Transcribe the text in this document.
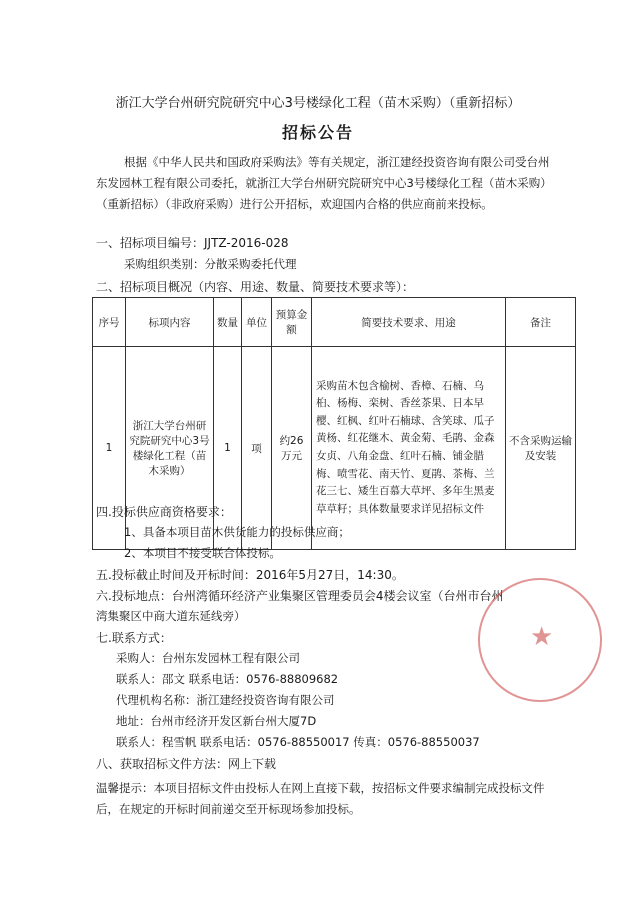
浙江大学台州研究院研究中心3号楼绿化工程（苗木采购）（重新招标）
招标公告
根据《中华人民共和国政府采购法》等有关规定，浙江建经投资咨询有限公司受台州东发园林工程有限公司委托，就浙江大学台州研究院研究中心3号楼绿化工程（苗木采购）（重新招标）（非政府采购）进行公开招标，欢迎国内合格的供应商前来投标。
一、招标项目编号：JJTZ-2016-028
采购组织类别：分散采购委托代理
二、招标项目概况（内容、用途、数量、简要技术要求等）：
序号	标项内容	数量	单位	预算金额	简要技术要求、用途	备注
1	浙江大学台州研究院研究中心3号楼绿化工程（苗木采购）	1	项	约26万元	采购苗木包含榆树、香樟、石楠、乌桕、杨梅、栾树、香丝茶果、日本早樱、红枫、红叶石楠球、含笑球、瓜子黄杨、红花继木、黄金菊、毛鹃、金森女贞、八角金盘、红叶石楠、铺金腊梅、喷雪花、南天竹、夏鹃、茶梅、兰花三七、矮生百慕大草坪、多年生黑麦草草籽；具体数量要求详见招标文件	不含采购运输及安装
四.投标供应商资格要求：
1、具备本项目苗木供货能力的投标供应商；
2、本项目不接受联合体投标。
五.投标截止时间及开标时间：2016年5月27日，14:30。
六.投标地点：台州湾循环经济产业集聚区管理委员会4楼会议室（台州市台州
湾集聚区中商大道东延线旁）
七.联系方式：
采购人：台州东发园林工程有限公司
联系人：邵文 联系电话：0576-88809682
代理机构名称：浙江建经投资咨询有限公司
地址：台州市经济开发区新台州大厦7D
联系人：程雪帆 联系电话：0576-88550017 传真：0576-88550037
八、获取招标文件方法：网上下载
温馨提示：本项目招标文件由投标人在网上直接下载，按招标文件要求编制完成投标文件后，在规定的开标时间前递交至开标现场参加投标。
★
